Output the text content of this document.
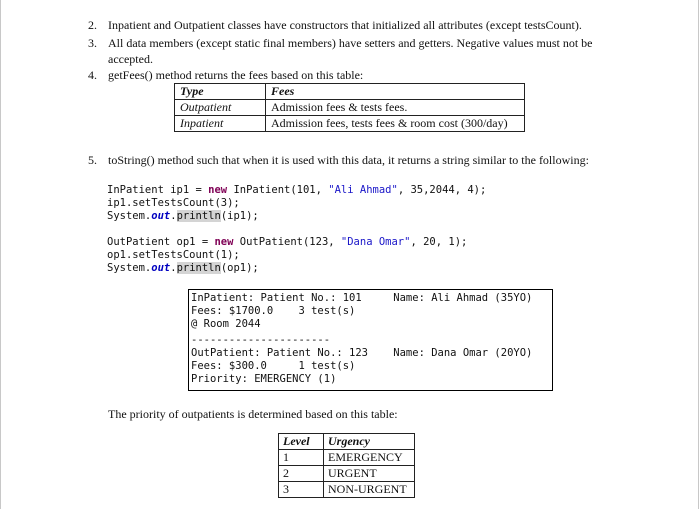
2. Inpatient and Outpatient classes have constructors that initialized all attributes (except testsCount).
3. All data members (except static final members) have setters and getters. Negative values must not be
accepted.
4. getFees() method returns the fees based on this table:
Type	Fees
Outpatient	Admission fees & tests fees.
Inpatient	Admission fees, tests fees & room cost (300/day)
5. toString() method such that when it is used with this data, it returns a string similar to the following:
InPatient ip1 = new InPatient(101, "Ali Ahmad", 35,2044, 4);
ip1.setTestsCount(3);
System.out.println(ip1);
OutPatient op1 = new OutPatient(123, "Dana Omar", 20, 1);
op1.setTestsCount(1);
System.out.println(op1);
InPatient: Patient No.: 101     Name: Ali Ahmad (35YO)
Fees: $1700.0    3 test(s)
@ Room 2044
----------------------
OutPatient: Patient No.: 123    Name: Dana Omar (20YO)
Fees: $300.0     1 test(s)
Priority: EMERGENCY (1)
The priority of outpatients is determined based on this table:
Level	Urgency
1	EMERGENCY
2	URGENT
3	NON-URGENT
